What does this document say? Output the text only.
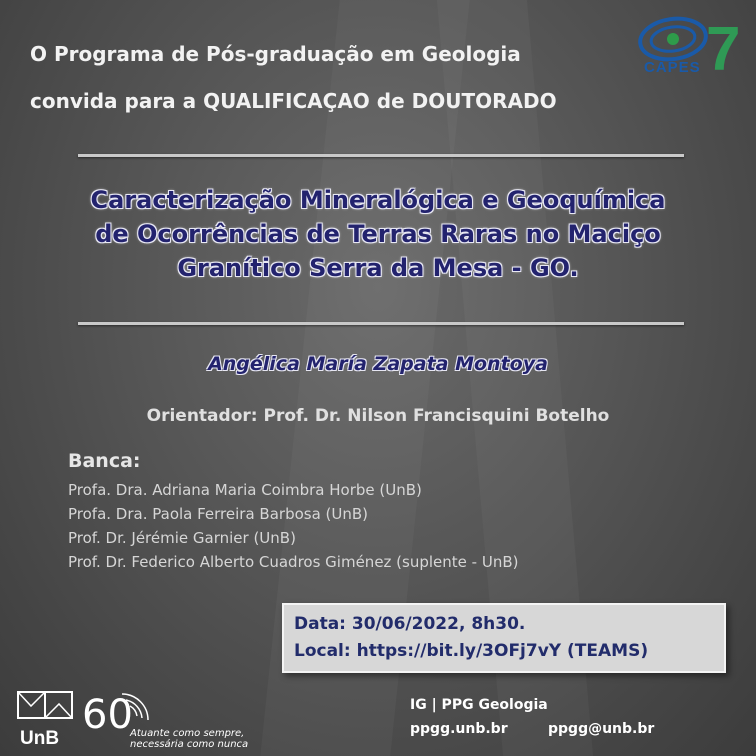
O Programa de Pós-graduação em Geologia
convida para a QUALIFICAÇAO de DOUTORADO
CAPES 7
Caracterização Mineralógica e Geoquímica
de Ocorrências de Terras Raras no Maciço
Granítico Serra da Mesa - GO.
Angélica María Zapata Montoya
Orientador: Prof. Dr. Nilson Francisquini Botelho
Banca:
Profa. Dra. Adriana Maria Coimbra Horbe (UnB)
Profa. Dra. Paola Ferreira Barbosa (UnB)
Prof. Dr. Jérémie Garnier (UnB)
Prof. Dr. Federico Alberto Cuadros Giménez (suplente - UnB)
Data: 30/06/2022, 8h30.
Local: https://bit.ly/3OFj7vY (TEAMS)
UnB
60
Atuante como sempre,
necessária como nunca
IG | PPG Geologia
ppgg.unb.br	ppgg@unb.br
